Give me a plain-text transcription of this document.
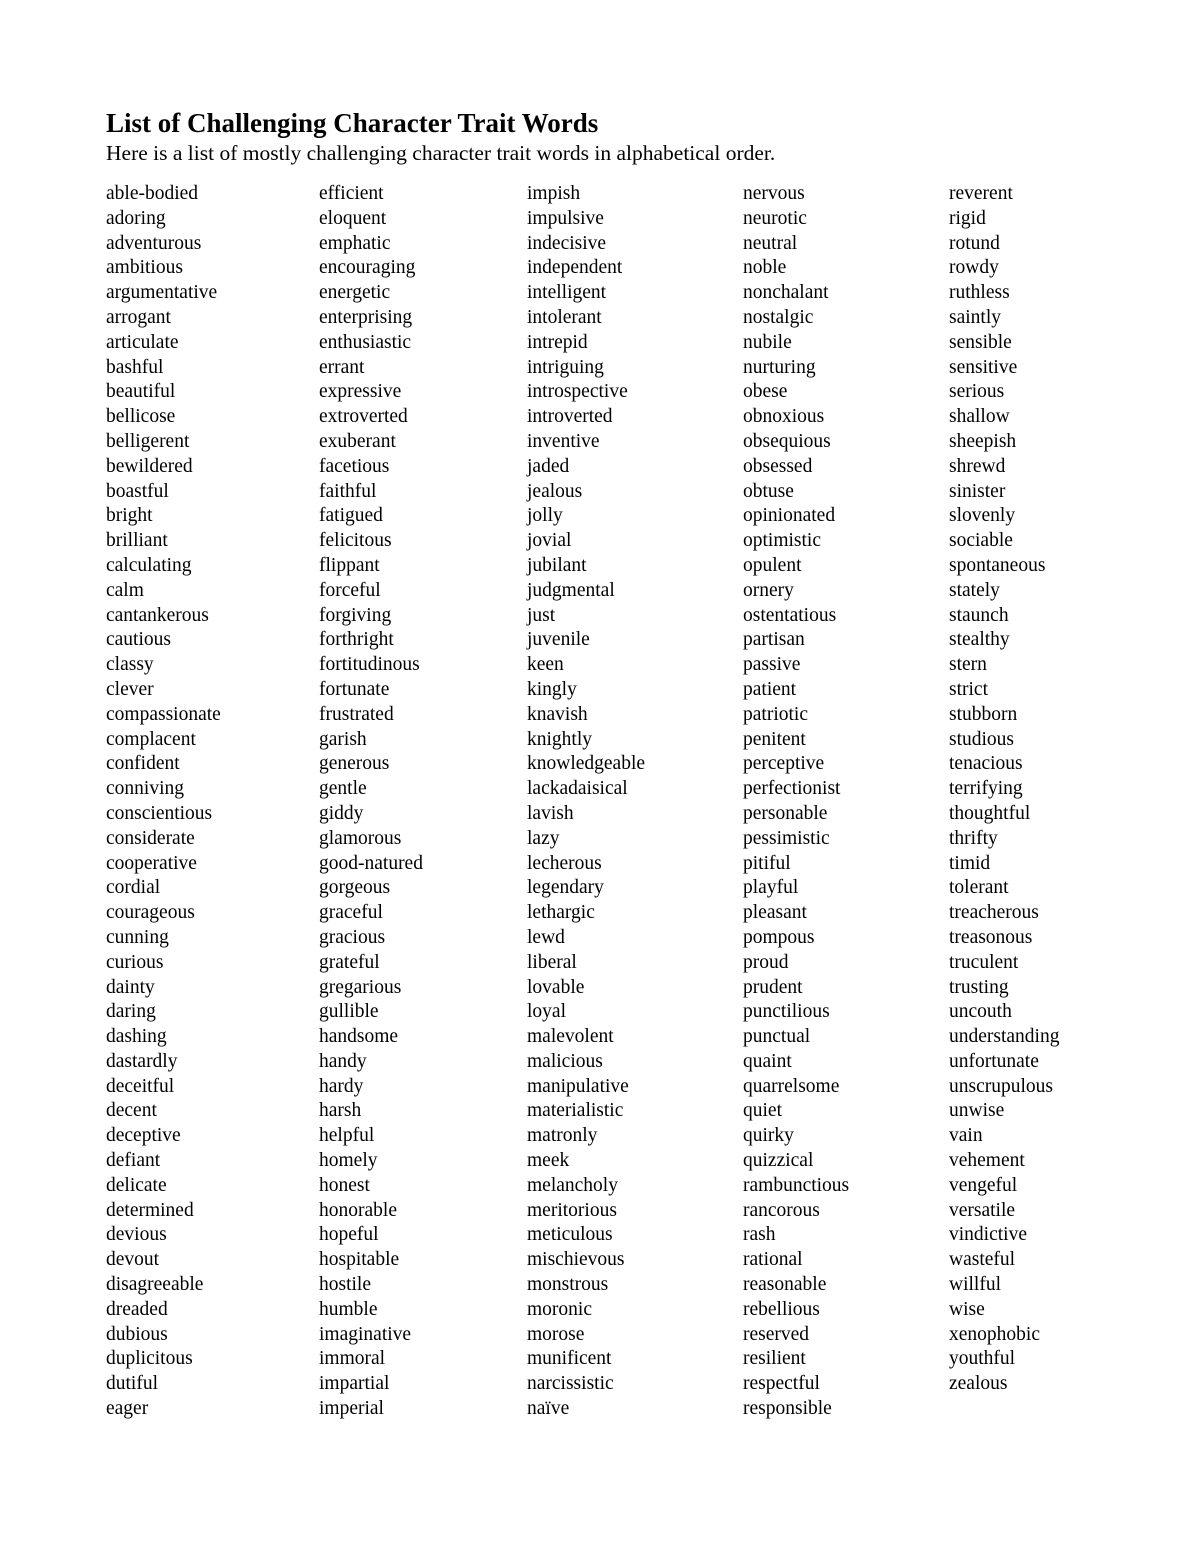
List of Challenging Character Trait Words

Here is a list of mostly challenging character trait words in alphabetical order.

able-bodied
adoring
adventurous
ambitious
argumentative
arrogant
articulate
bashful
beautiful
bellicose
belligerent
bewildered
boastful
bright
brilliant
calculating
calm
cantankerous
cautious
classy
clever
compassionate
complacent
confident
conniving
conscientious
considerate
cooperative
cordial
courageous
cunning
curious
dainty
daring
dashing
dastardly
deceitful
decent
deceptive
defiant
delicate
determined
devious
devout
disagreeable
dreaded
dubious
duplicitous
dutiful
eager
efficient
eloquent
emphatic
encouraging
energetic
enterprising
enthusiastic
errant
expressive
extroverted
exuberant
facetious
faithful
fatigued
felicitous
flippant
forceful
forgiving
forthright
fortitudinous
fortunate
frustrated
garish
generous
gentle
giddy
glamorous
good-natured
gorgeous
graceful
gracious
grateful
gregarious
gullible
handsome
handy
hardy
harsh
helpful
homely
honest
honorable
hopeful
hospitable
hostile
humble
imaginative
immoral
impartial
imperial
impish
impulsive
indecisive
independent
intelligent
intolerant
intrepid
intriguing
introspective
introverted
inventive
jaded
jealous
jolly
jovial
jubilant
judgmental
just
juvenile
keen
kingly
knavish
knightly
knowledgeable
lackadaisical
lavish
lazy
lecherous
legendary
lethargic
lewd
liberal
lovable
loyal
malevolent
malicious
manipulative
materialistic
matronly
meek
melancholy
meritorious
meticulous
mischievous
monstrous
moronic
morose
munificent
narcissistic
naïve
nervous
neurotic
neutral
noble
nonchalant
nostalgic
nubile
nurturing
obese
obnoxious
obsequious
obsessed
obtuse
opinionated
optimistic
opulent
ornery
ostentatious
partisan
passive
patient
patriotic
penitent
perceptive
perfectionist
personable
pessimistic
pitiful
playful
pleasant
pompous
proud
prudent
punctilious
punctual
quaint
quarrelsome
quiet
quirky
quizzical
rambunctious
rancorous
rash
rational
reasonable
rebellious
reserved
resilient
respectful
responsible
reverent
rigid
rotund
rowdy
ruthless
saintly
sensible
sensitive
serious
shallow
sheepish
shrewd
sinister
slovenly
sociable
spontaneous
stately
staunch
stealthy
stern
strict
stubborn
studious
tenacious
terrifying
thoughtful
thrifty
timid
tolerant
treacherous
treasonous
truculent
trusting
uncouth
understanding
unfortunate
unscrupulous
unwise
vain
vehement
vengeful
versatile
vindictive
wasteful
willful
wise
xenophobic
youthful
zealous
